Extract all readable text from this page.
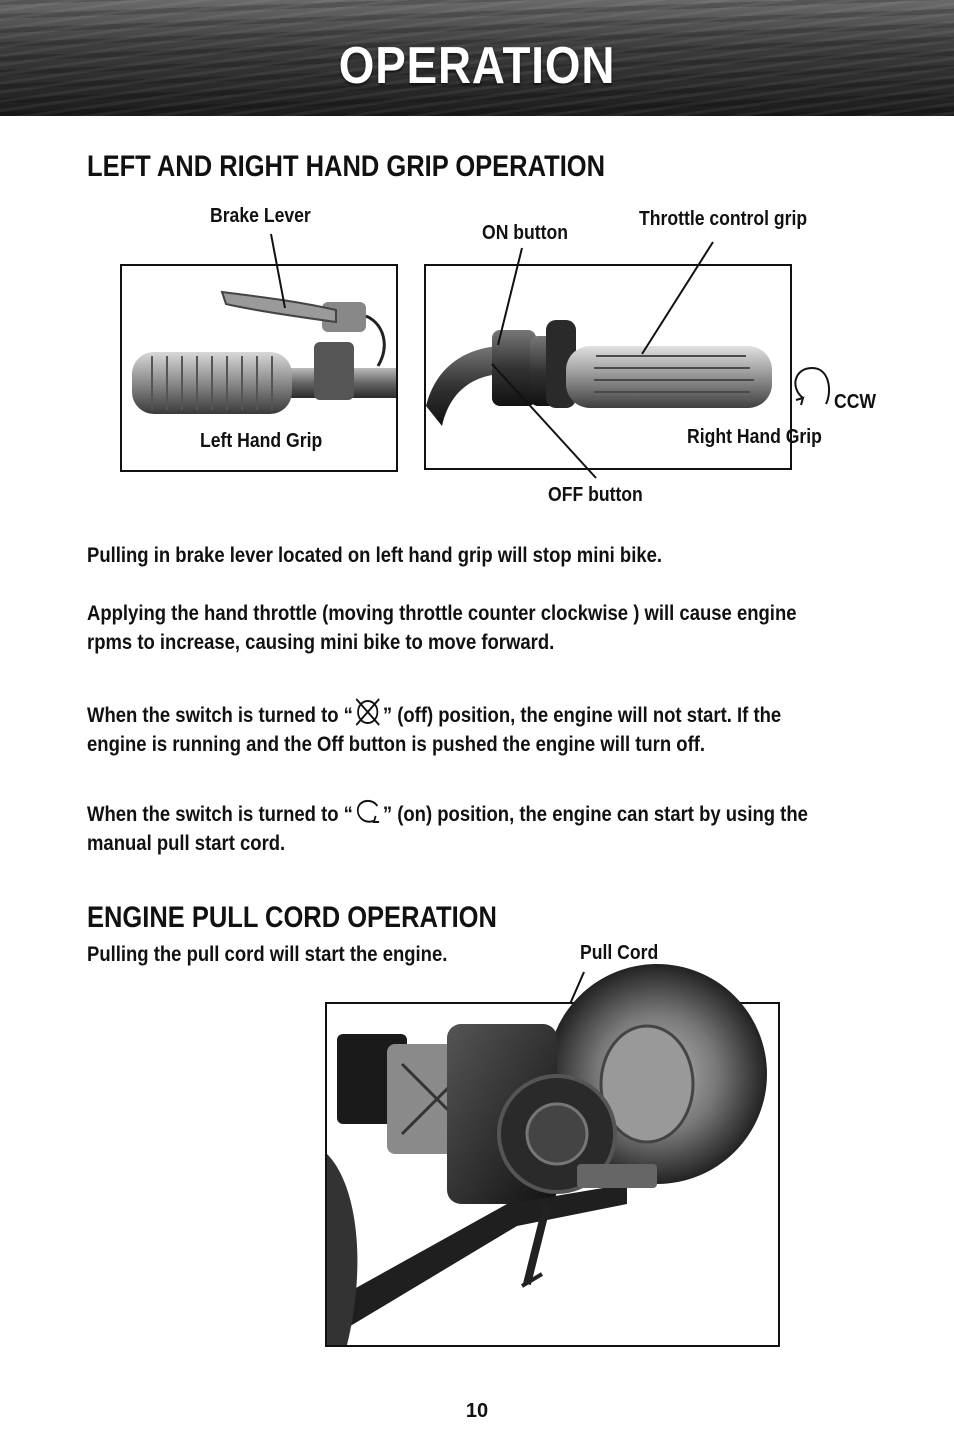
OPERATION
LEFT AND RIGHT HAND GRIP OPERATION
Left Hand Grip	Right Hand Grip
Brake Lever
ON button
Throttle control grip
CCW
OFF button
Pulling in brake lever located on left hand grip will stop mini bike.
Applying the hand throttle (moving throttle counter clockwise ) will cause engine rpms to increase, causing mini bike to move forward.
When the switch is turned to “ ” (off) position, the engine will not start. If the engine is running and the Off button is pushed the engine will turn off.
When the switch is turned to “ ” (on) position, the engine can start by using the manual pull start cord.
ENGINE PULL CORD OPERATION
Pulling the pull cord will start the engine.	Pull Cord
10
